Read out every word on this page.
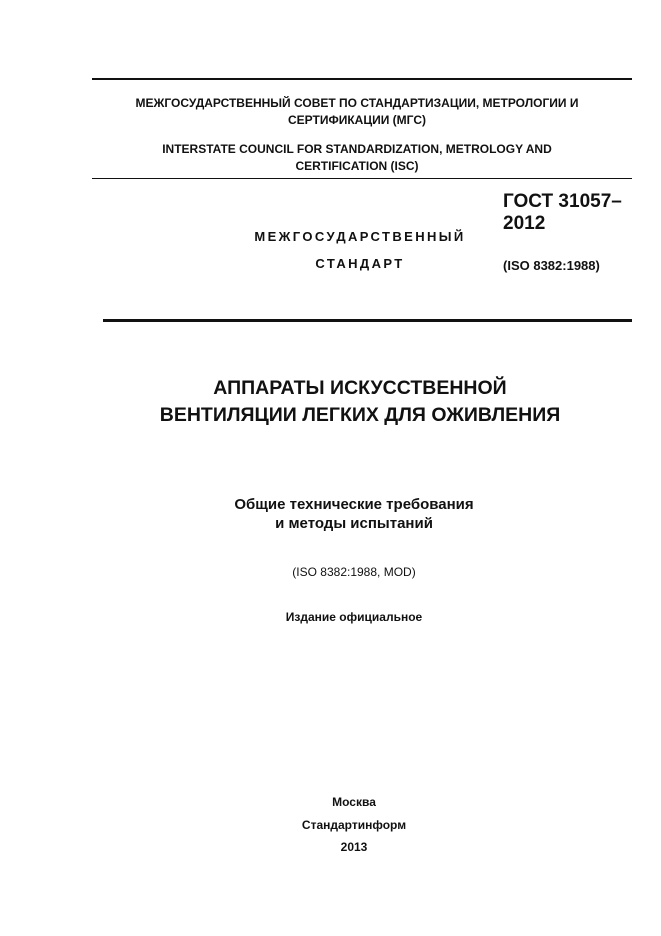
МЕЖГОСУДАРСТВЕННЫЙ СОВЕТ ПО СТАНДАРТИЗАЦИИ, МЕТРОЛОГИИ И
СЕРТИФИКАЦИИ (МГС)
INTERSTATE COUNCIL FOR STANDARDIZATION, METROLOGY AND
CERTIFICATION (ISC)
МЕЖГОСУДАРСТВЕННЫЙ
СТАНДАРТ
ГОСТ 31057–
2012
(ISO 8382:1988)
АППАРАТЫ ИСКУССТВЕННОЙ
ВЕНТИЛЯЦИИ ЛЕГКИХ ДЛЯ ОЖИВЛЕНИЯ
Общие технические требования
и методы испытаний
(ISO 8382:1988, MOD)
Издание официальное
Москва
Стандартинформ
2013
